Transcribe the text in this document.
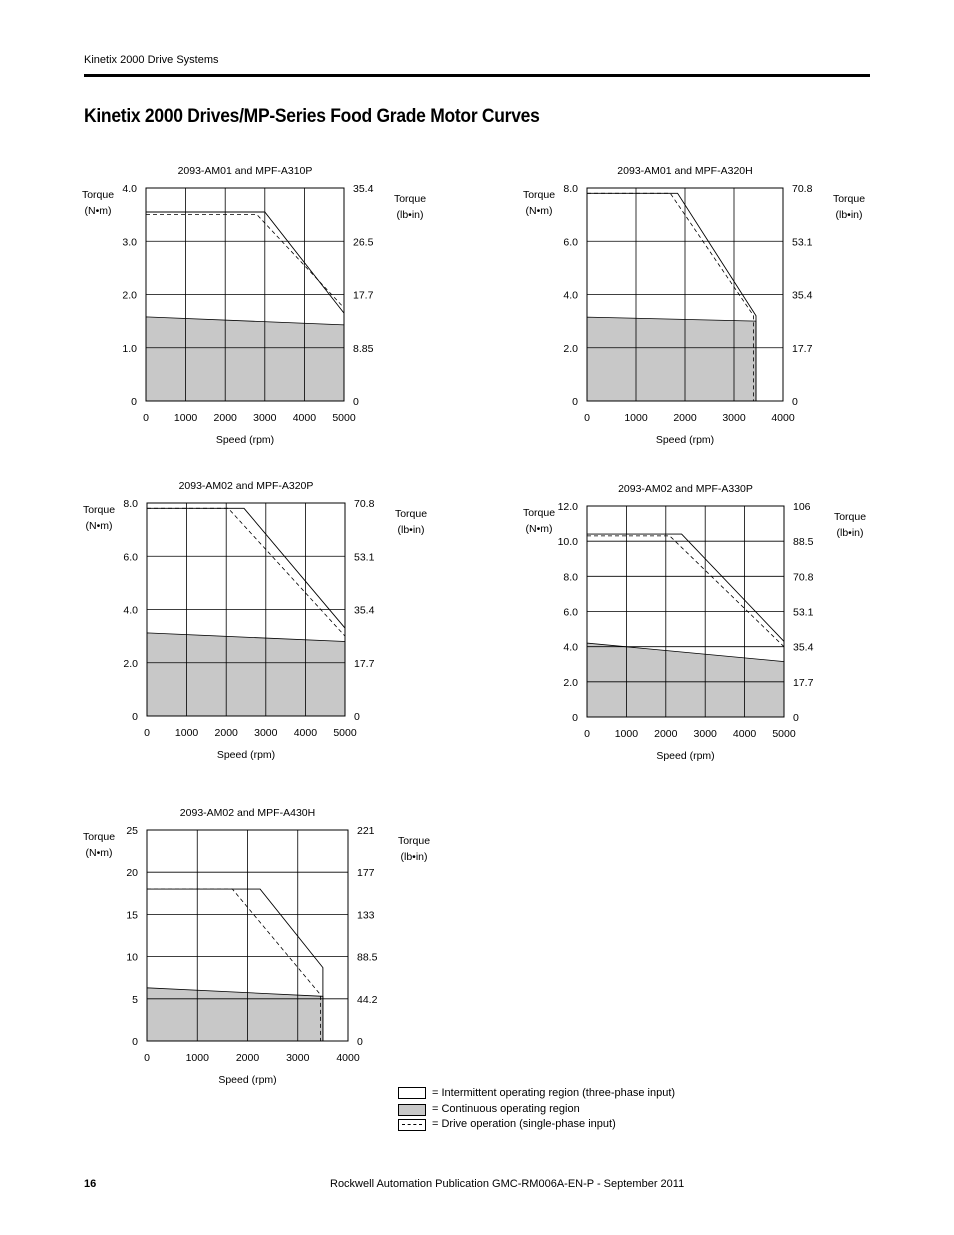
Kinetix 2000 Drive Systems
Kinetix 2000 Drives/MP-Series Food Grade Motor Curves
0 1000 2000 3000 4000 5000
0	0
1.0	8.85
2.0	17.7
3.0	26.5
4.0	35.4
2093-AM01 and MPF-A310P
Speed (rpm)
Torque
(N•m)
Torque
(lb•in)
0	1000 2000 3000 4000
0	0
2.0	17.7
4.0	35.4
6.0	53.1
8.0	70.8
2093-AM01 and MPF-A320H
Speed (rpm)
Torque
(N•m)
Torque
(lb•in)
0 1000 2000 3000 4000 5000
0	0
2.0	17.7
4.0	35.4
6.0	53.1
8.0	70.8
2093-AM02 and MPF-A320P
Speed (rpm)
Torque
(N•m)
Torque
(lb•in)
0 1000 2000 3000 4000 5000
0	0
2.0	17.7
4.0	35.4
6.0	53.1
8.0	70.8
10.0	88.5
12.0	106
2093-AM02 and MPF-A330P
Speed (rpm)
Torque
(N•m)
Torque
(lb•in)
0	1000	2000	3000	4000
0	0
5	44.2
10	88.5
15	133
20	177
25	221
2093-AM02 and MPF-A430H
Speed (rpm)
Torque
(N•m)
Torque
(lb•in)
= Intermittent operating region (three-phase input)
= Continuous operating region
= Drive operation (single-phase input)
16	Rockwell Automation Publication GMC-RM006A-EN-P - September 2011
